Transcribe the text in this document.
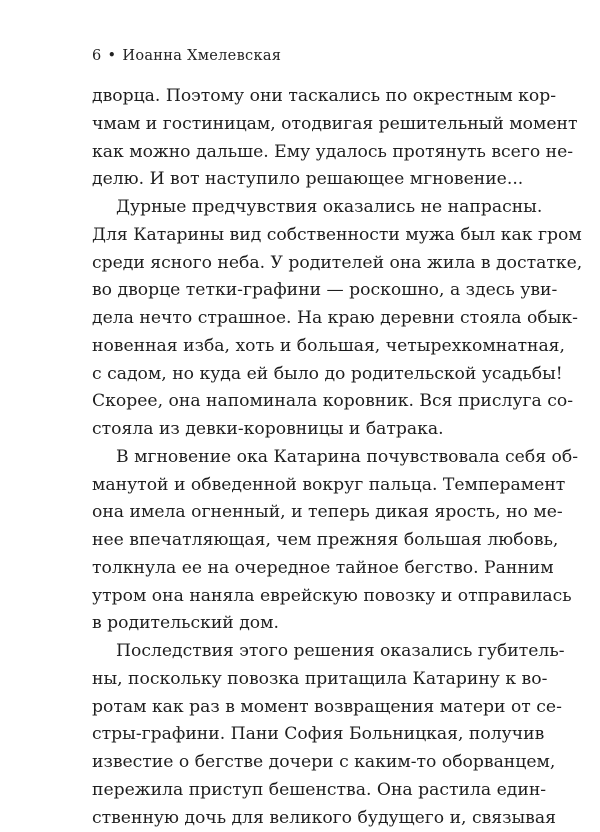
6 • Иоанна Хмелевская
дворца. Поэтому они таскались по окрестным кор-
чмам и гостиницам, отодвигая решительный момент
как можно дальше. Ему удалось протянуть всего не-
делю. И вот наступило решающее мгновение...
Дурные предчувствия оказались не напрасны.
Для Катарины вид собственности мужа был как гром
среди ясного неба. У родителей она жила в достатке,
во дворце тетки-графини — роскошно, а здесь уви-
дела нечто страшное. На краю деревни стояла обык-
новенная изба, хоть и большая, четырехкомнатная,
с садом, но куда ей было до родительской усадьбы!
Скорее, она напоминала коровник. Вся прислуга со-
стояла из девки-коровницы и батрака.
В мгновение ока Катарина почувствовала себя об-
манутой и обведенной вокруг пальца. Темперамент
она имела огненный, и теперь дикая ярость, но ме-
нее впечатляющая, чем прежняя большая любовь,
толкнула ее на очередное тайное бегство. Ранним
утром она наняла еврейскую повозку и отправилась
в родительский дом.
Последствия этого решения оказались губитель-
ны, поскольку повозка притащила Катарину к во-
ротам как раз в момент возвращения матери от се-
стры-графини. Пани София Больницкая, получив
известие о бегстве дочери с каким-то оборванцем,
пережила приступ бешенства. Она растила един-
ственную дочь для великого будущего и, связывая
